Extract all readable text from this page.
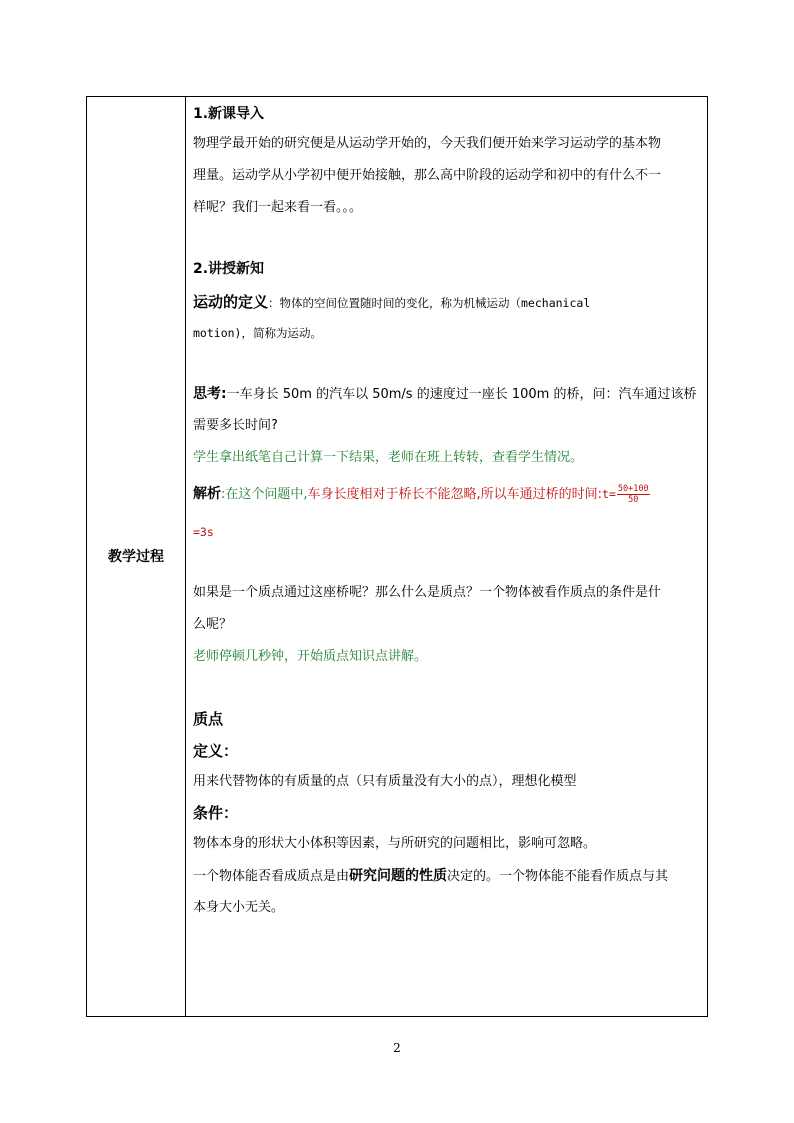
教学过程
1.新课导入
物理学最开始的研究便是从运动学开始的，今天我们便开始来学习运动学的基本物
理量。运动学从小学初中便开始接触，那么高中阶段的运动学和初中的有什么不一
样呢？我们一起来看一看。。。
2.讲授新知
运动的定义：物体的空间位置随时间的变化，称为机械运动（mechanical
motion)，简称为运动。
思考:一车身长 50m 的汽车以 50m/s 的速度过一座长 100m 的桥，问：汽车通过该桥
需要多长时间?
学生拿出纸笔自己计算一下结果，老师在班上转转，查看学生情况。
解析:在这个问题中,车身长度相对于桥长不能忽略,所以车通过桥的时间:t= $\frac{50+100}{50}$
=3s
如果是一个质点通过这座桥呢？那么什么是质点？一个物体被看作质点的条件是什
么呢？
老师停顿几秒钟，开始质点知识点讲解。
质点
定义：
用来代替物体的有质量的点（只有质量没有大小的点），理想化模型
条件：
物体本身的形状大小体积等因素，与所研究的问题相比，影响可忽略。
一个物体能否看成质点是由研究问题的性质决定的。一个物体能不能看作质点与其
本身大小无关。
2
